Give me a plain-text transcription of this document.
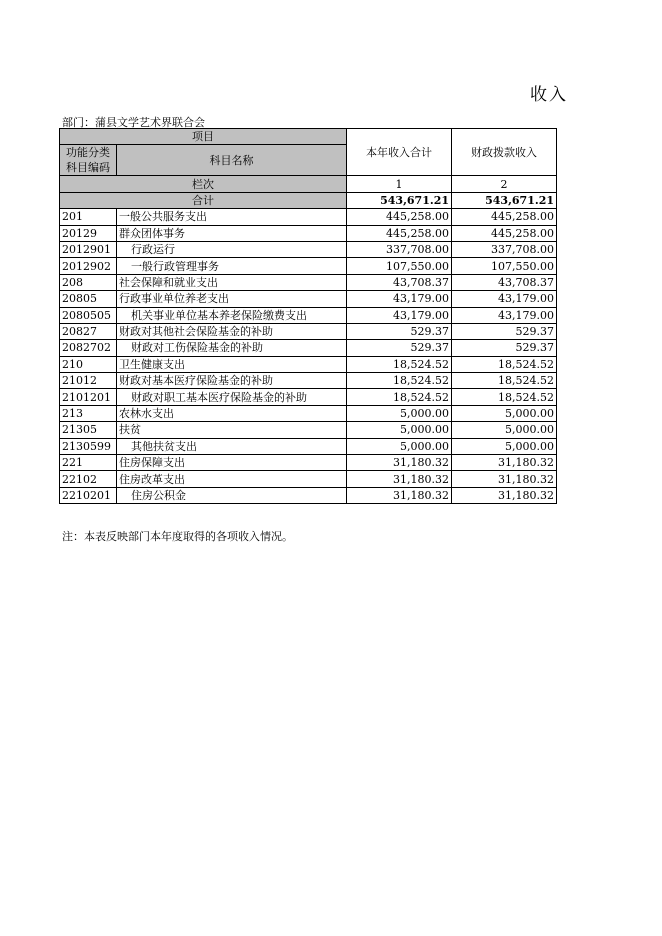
收入
部门：蒲县文学艺术界联合会
项目		本年收入合计	财政拨款收入
功能分类科目编码	科目名称		

栏次		1	2
合计		543,671.21	543,671.21
201	一般公共服务支出	445,258.00	445,258.00
20129	群众团体事务	445,258.00	445,258.00
2012901	行政运行	337,708.00	337,708.00
2012902	一般行政管理事务	107,550.00	107,550.00
208	社会保障和就业支出	43,708.37	43,708.37
20805	行政事业单位养老支出	43,179.00	43,179.00
2080505	机关事业单位基本养老保险缴费支出	43,179.00	43,179.00
20827	财政对其他社会保险基金的补助	529.37	529.37
2082702	财政对工伤保险基金的补助	529.37	529.37
210	卫生健康支出	18,524.52	18,524.52
21012	财政对基本医疗保险基金的补助	18,524.52	18,524.52
2101201	财政对职工基本医疗保险基金的补助	18,524.52	18,524.52
213	农林水支出	5,000.00	5,000.00
21305	扶贫	5,000.00	5,000.00
2130599	其他扶贫支出	5,000.00	5,000.00
221	住房保障支出	31,180.32	31,180.32
22102	住房改革支出	31,180.32	31,180.32
2210201	住房公积金	31,180.32	31,180.32
注：本表反映部门本年度取得的各项收入情况。
